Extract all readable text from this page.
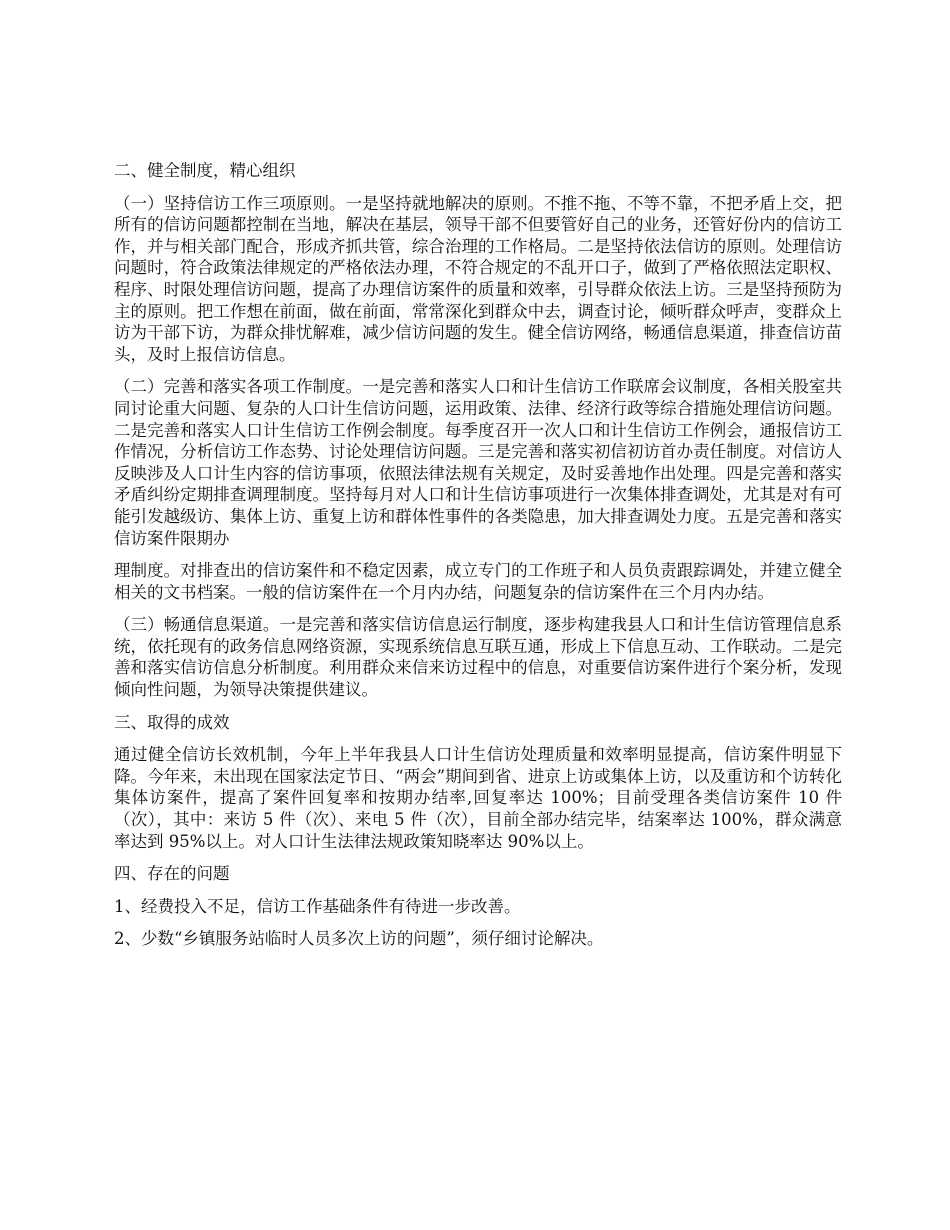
二、健全制度，精心组织

（一）坚持信访工作三项原则。一是坚持就地解决的原则。不推不拖、不等不靠，不把矛盾上交，把所有的信访问题都控制在当地，解决在基层，领导干部不但要管好自己的业务，还管好份内的信访工作，并与相关部门配合，形成齐抓共管，综合治理的工作格局。二是坚持依法信访的原则。处理信访问题时，符合政策法律规定的严格依法办理，不符合规定的不乱开口子，做到了严格依照法定职权、程序、时限处理信访问题，提高了办理信访案件的质量和效率，引导群众依法上访。三是坚持预防为主的原则。把工作想在前面，做在前面，常常深化到群众中去，调查讨论，倾听群众呼声，变群众上访为干部下访，为群众排忧解难，减少信访问题的发生。健全信访网络，畅通信息渠道，排查信访苗头，及时上报信访信息。

（二）完善和落实各项工作制度。一是完善和落实人口和计生信访工作联席会议制度，各相关股室共同讨论重大问题、复杂的人口计生信访问题，运用政策、法律、经济行政等综合措施处理信访问题。二是完善和落实人口计生信访工作例会制度。每季度召开一次人口和计生信访工作例会，通报信访工作情况，分析信访工作态势、讨论处理信访问题。三是完善和落实初信初访首办责任制度。对信访人反映涉及人口计生内容的信访事项，依照法律法规有关规定，及时妥善地作出处理。四是完善和落实矛盾纠纷定期排查调理制度。坚持每月对人口和计生信访事项进行一次集体排查调处，尤其是对有可能引发越级访、集体上访、重复上访和群体性事件的各类隐患，加大排查调处力度。五是完善和落实信访案件限期办

理制度。对排查出的信访案件和不稳定因素，成立专门的工作班子和人员负责跟踪调处，并建立健全相关的文书档案。一般的信访案件在一个月内办结，问题复杂的信访案件在三个月内办结。

（三）畅通信息渠道。一是完善和落实信访信息运行制度，逐步构建我县人口和计生信访管理信息系统，依托现有的政务信息网络资源，实现系统信息互联互通，形成上下信息互动、工作联动。二是完善和落实信访信息分析制度。利用群众来信来访过程中的信息，对重要信访案件进行个案分析，发现倾向性问题，为领导决策提供建议。

三、取得的成效

通过健全信访长效机制，今年上半年我县人口计生信访处理质量和效率明显提高，信访案件明显下降。今年来，未出现在国家法定节日、“两会”期间到省、进京上访或集体上访，以及重访和个访转化集体访案件，提高了案件回复率和按期办结率,回复率达 100%；目前受理各类信访案件 10 件（次），其中：来访 5 件（次）、来电 5 件（次），目前全部办结完毕，结案率达 100%，群众满意率达到 95%以上。对人口计生法律法规政策知晓率达 90%以上。

四、存在的问题

1、经费投入不足，信访工作基础条件有待进一步改善。

2、少数“乡镇服务站临时人员多次上访的问题”，须仔细讨论解决。
